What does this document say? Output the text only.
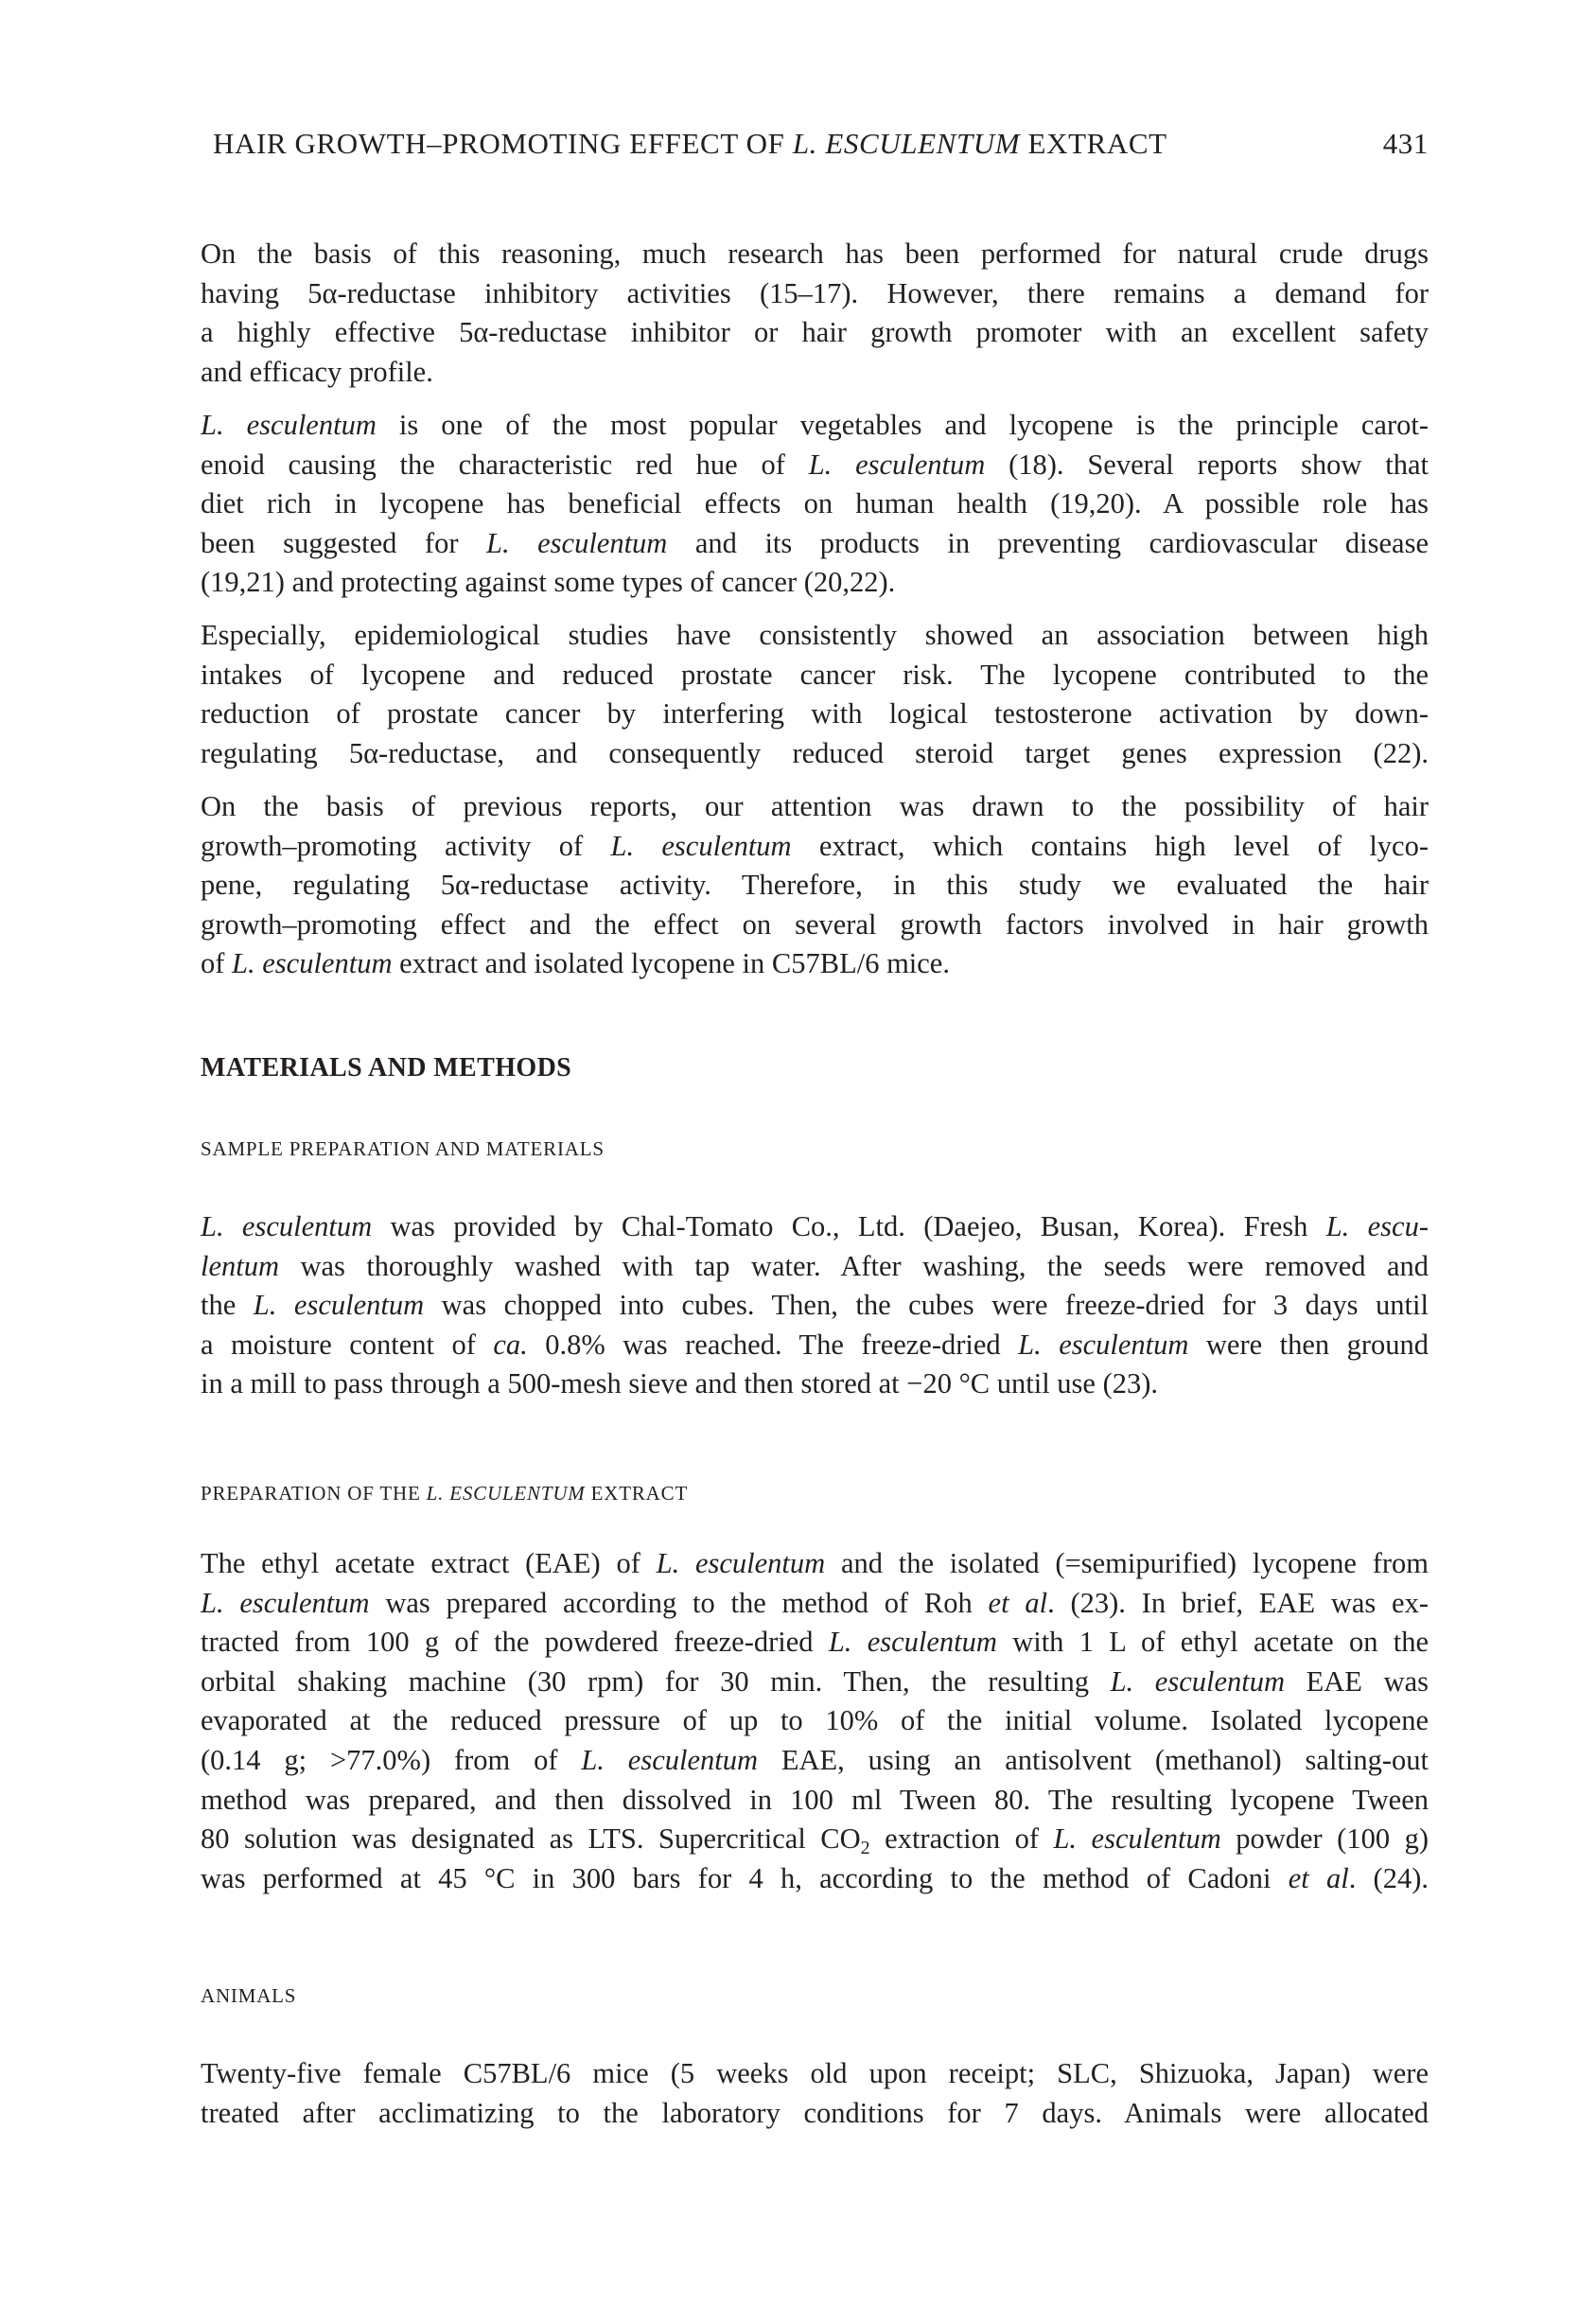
HAIR GROWTH–PROMOTING EFFECT OF L. ESCULENTUM EXTRACT	431
On the basis of this reasoning, much research has been performed for natural crude drugs
having 5α-reductase inhibitory activities (15–17). However, there remains a demand for
a highly effective 5α-reductase inhibitor or hair growth promoter with an excellent safety
and efficacy profile.
L. esculentum is one of the most popular vegetables and lycopene is the principle carot-
enoid causing the characteristic red hue of L. esculentum (18). Several reports show that
diet rich in lycopene has beneficial effects on human health (19,20). A possible role has
been suggested for L. esculentum and its products in preventing cardiovascular disease
(19,21) and protecting against some types of cancer (20,22).
Especially, epidemiological studies have consistently showed an association between high
intakes of lycopene and reduced prostate cancer risk. The lycopene contributed to the
reduction of prostate cancer by interfering with logical testosterone activation by down-
regulating 5α-reductase, and consequently reduced steroid target genes expression (22).
On the basis of previous reports, our attention was drawn to the possibility of hair
growth–promoting activity of L. esculentum extract, which contains high level of lyco-
pene, regulating 5α-reductase activity. Therefore, in this study we evaluated the hair
growth–promoting effect and the effect on several growth factors involved in hair growth
of L. esculentum extract and isolated lycopene in C57BL/6 mice.
MATERIALS AND METHODS
SAMPLE PREPARATION AND MATERIALS
L. esculentum was provided by Chal-Tomato Co., Ltd. (Daejeo, Busan, Korea). Fresh L. escu-
lentum was thoroughly washed with tap water. After washing, the seeds were removed and
the L. esculentum was chopped into cubes. Then, the cubes were freeze-dried for 3 days until
a moisture content of ca. 0.8% was reached. The freeze-dried L. esculentum were then ground
in a mill to pass through a 500-mesh sieve and then stored at −20 °C until use (23).
PREPARATION OF THE L. ESCULENTUM EXTRACT
The ethyl acetate extract (EAE) of L. esculentum and the isolated (=semipurified) lycopene from
L. esculentum was prepared according to the method of Roh et al. (23). In brief, EAE was ex-
tracted from 100 g of the powdered freeze-dried L. esculentum with 1 L of ethyl acetate on the
orbital shaking machine (30 rpm) for 30 min. Then, the resulting L. esculentum EAE was
evaporated at the reduced pressure of up to 10% of the initial volume. Isolated lycopene
(0.14 g; >77.0%) from of L. esculentum EAE, using an antisolvent (methanol) salting-out
method was prepared, and then dissolved in 100 ml Tween 80. The resulting lycopene Tween
80 solution was designated as LTS. Supercritical $CO_2$ extraction of L. esculentum powder (100 g)
was performed at 45 °C in 300 bars for 4 h, according to the method of Cadoni et al. (24).
ANIMALS
Twenty-five female C57BL/6 mice (5 weeks old upon receipt; SLC, Shizuoka, Japan) were
treated after acclimatizing to the laboratory conditions for 7 days. Animals were allocated
